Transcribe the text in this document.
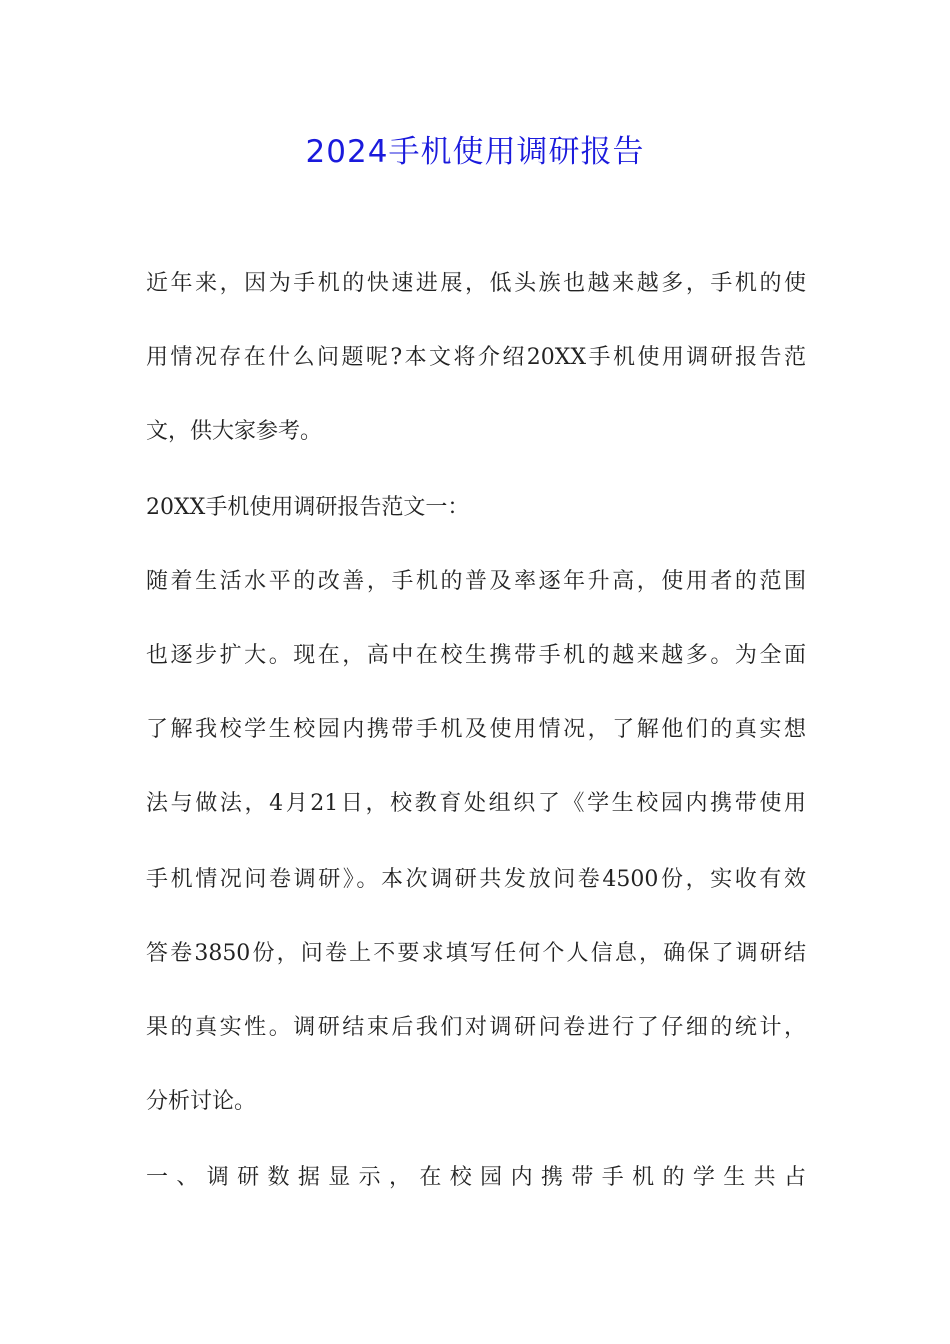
2024手机使用调研报告
近年来，因为手机的快速进展，低头族也越来越多，手机的使
用情况存在什么问题呢?本文将介绍20XX手机使用调研报告范
文，供大家参考。
20XX手机使用调研报告范文一：
随着生活水平的改善，手机的普及率逐年升高，使用者的范围
也逐步扩大。现在，高中在校生携带手机的越来越多。为全面
了解我校学生校园内携带手机及使用情况，了解他们的真实想
法与做法，4月21日，校教育处组织了《学生校园内携带使用
手机情况问卷调研》。本次调研共发放问卷4500份，实收有效
答卷3850份，问卷上不要求填写任何个人信息，确保了调研结
果的真实性。调研结束后我们对调研问卷进行了仔细的统计，
分析讨论。
一、调研数据显示，在校园内携带手机的学生共占
